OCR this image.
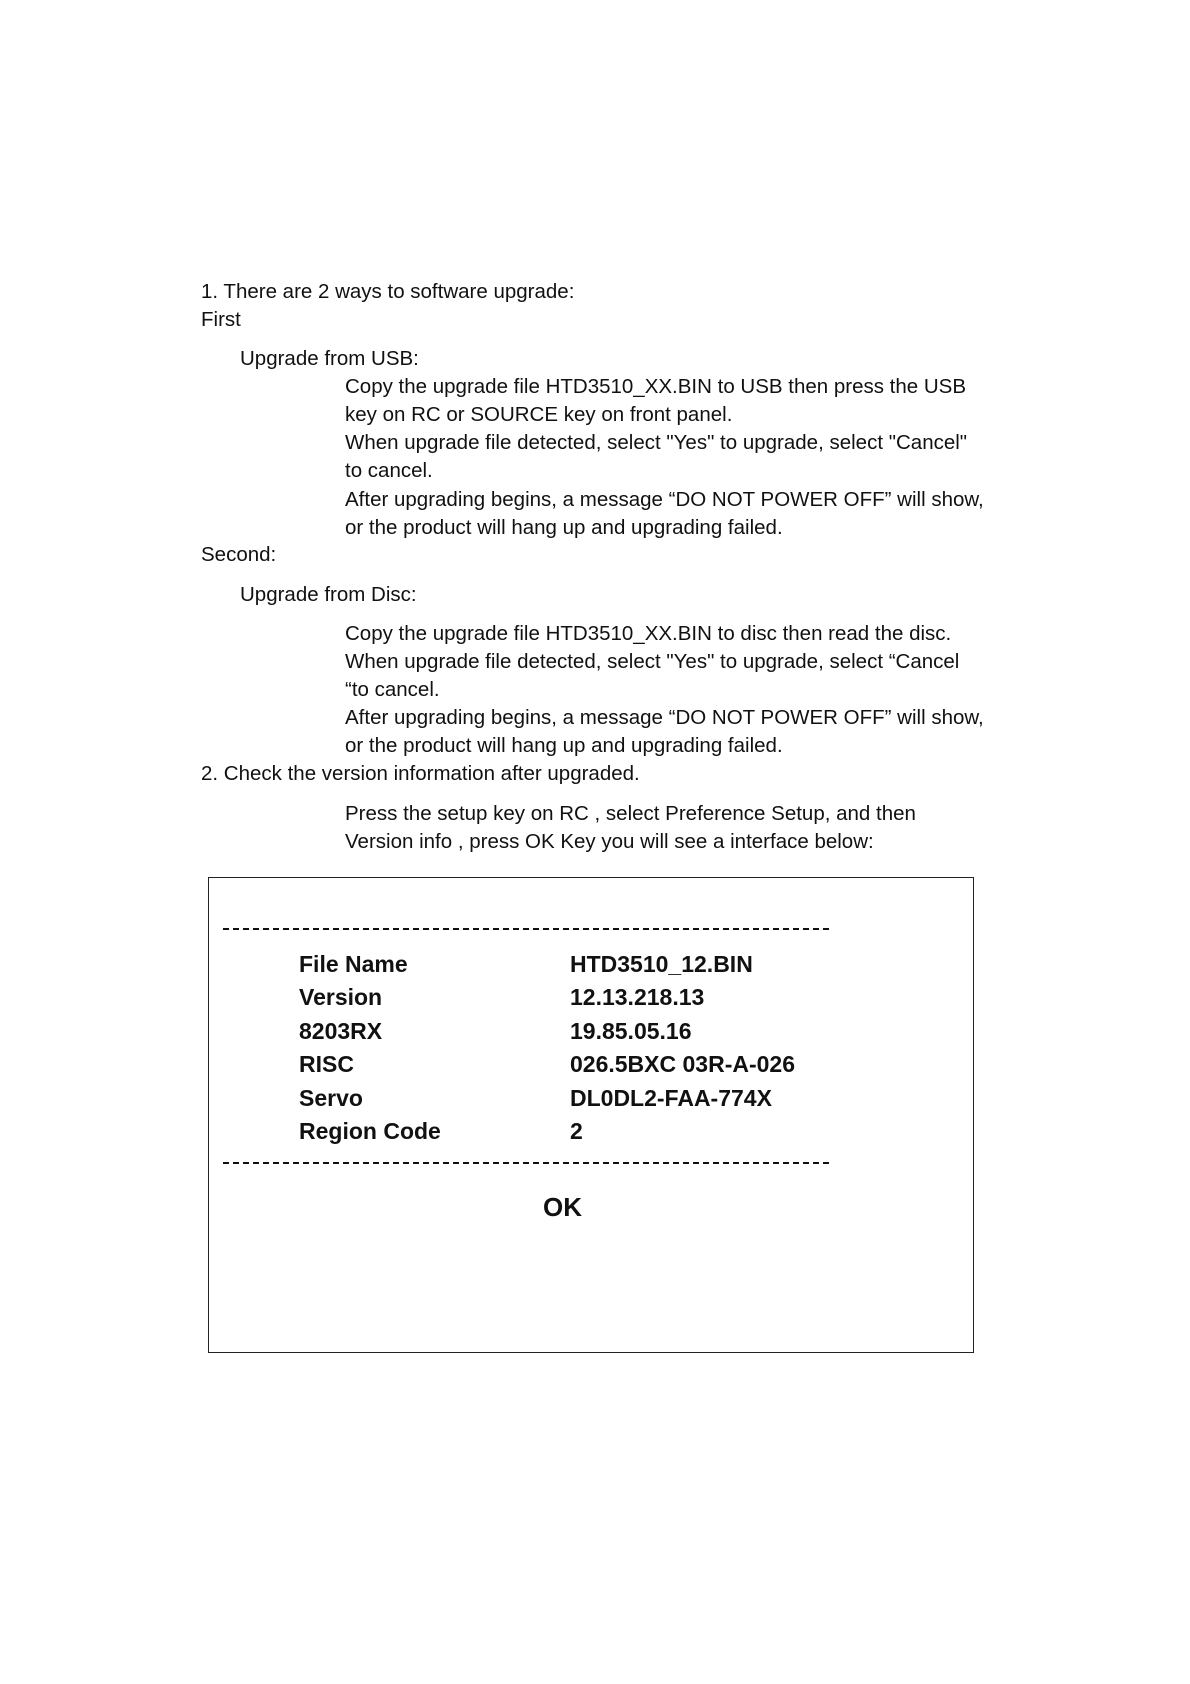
1. There are 2 ways to software upgrade:
First
Upgrade from USB:
Copy the upgrade file HTD3510_XX.BIN to USB then press the USB
key on RC or SOURCE key on front panel.
When upgrade file detected, select "Yes" to upgrade, select "Cancel"
to cancel.
After upgrading begins, a message “DO NOT POWER OFF” will show,
or the product will hang up and upgrading failed.
Second:
Upgrade from Disc:
Copy the upgrade file HTD3510_XX.BIN to disc then read the disc.
When upgrade file detected, select "Yes" to upgrade, select “Cancel
“to cancel.
After upgrading begins, a message “DO NOT POWER OFF” will show,
or the product will hang up and upgrading failed.
2. Check the version information after upgraded.
Press the setup key on RC , select Preference Setup, and then
Version info , press OK Key you will see a interface below:
File Name	HTD3510_12.BIN
Version	12.13.218.13
8203RX	19.85.05.16
RISC	026.5BXC 03R-A-026
Servo	DL0DL2-FAA-774X
Region Code	2
OK
